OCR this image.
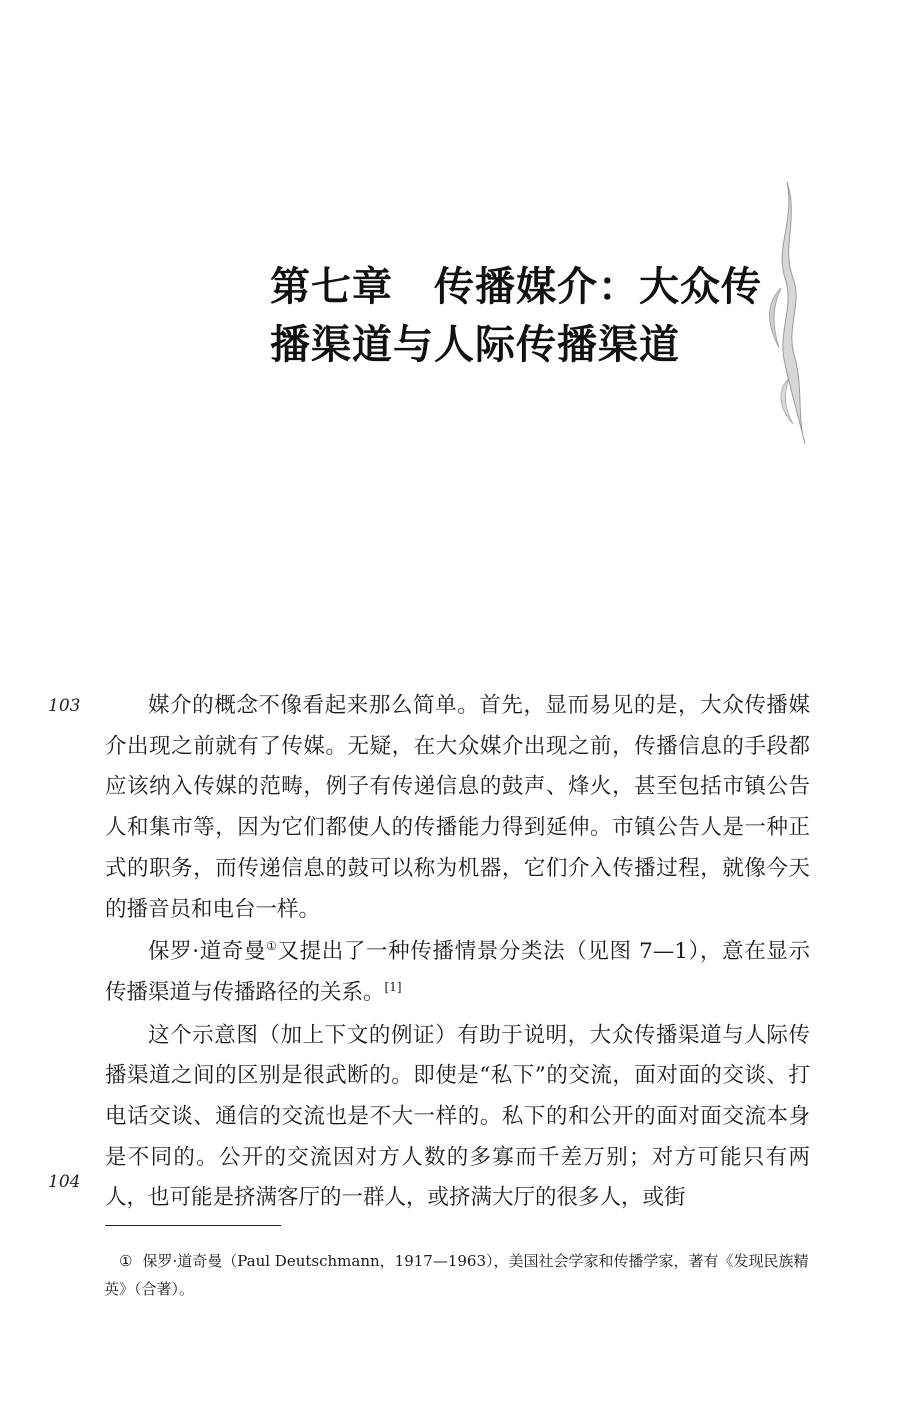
第七章　传播媒介：大众传
播渠道与人际传播渠道
103
104

媒介的概念不像看起来那么简单。首先，显而易见的是，大众传播媒介出现之前就有了传媒。无疑，在大众媒介出现之前，传播信息的手段都应该纳入传媒的范畴，例子有传递信息的鼓声、烽火，甚至包括市镇公告人和集市等，因为它们都使人的传播能力得到延伸。市镇公告人是一种正式的职务，而传递信息的鼓可以称为机器，它们介入传播过程，就像今天的播音员和电台一样。

保罗·道奇曼①又提出了一种传播情景分类法（见图 7—1），意在显示传播渠道与传播路径的关系。[1]

这个示意图（加上下文的例证）有助于说明，大众传播渠道与人际传播渠道之间的区别是很武断的。即使是“私下”的交流，面对面的交谈、打电话交谈、通信的交流也是不大一样的。私下的和公开的面对面交流本身是不同的。公开的交流因对方人数的多寡而千差万别；对方可能只有两人，也可能是挤满客厅的一群人，或挤满大厅的很多人，或街

① 保罗·道奇曼（Paul Deutschmann，1917—1963），美国社会学家和传播学家，著有《发现民族精英》（合著）。
